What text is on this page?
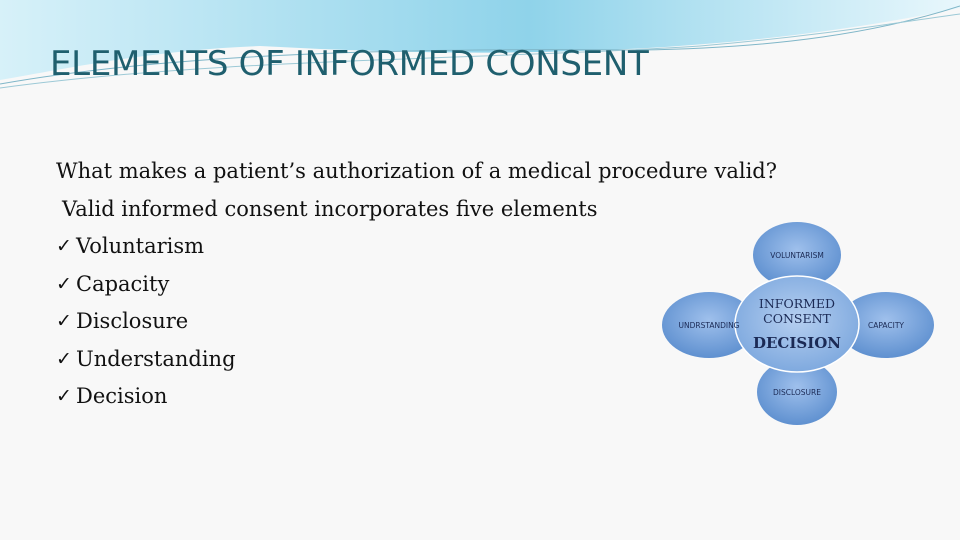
ELEMENTS OF INFORMED CONSENT
What makes a patient’s authorization of a medical procedure valid?
Valid informed consent incorporates five elements
✓ Voluntarism
✓ Capacity
✓ Disclosure
✓ Understanding
✓ Decision
VOLUNTARISM
CAPACITY
DISCLOSURE
UNDRSTANDING
INFORMED
CONSENT
DECISION
